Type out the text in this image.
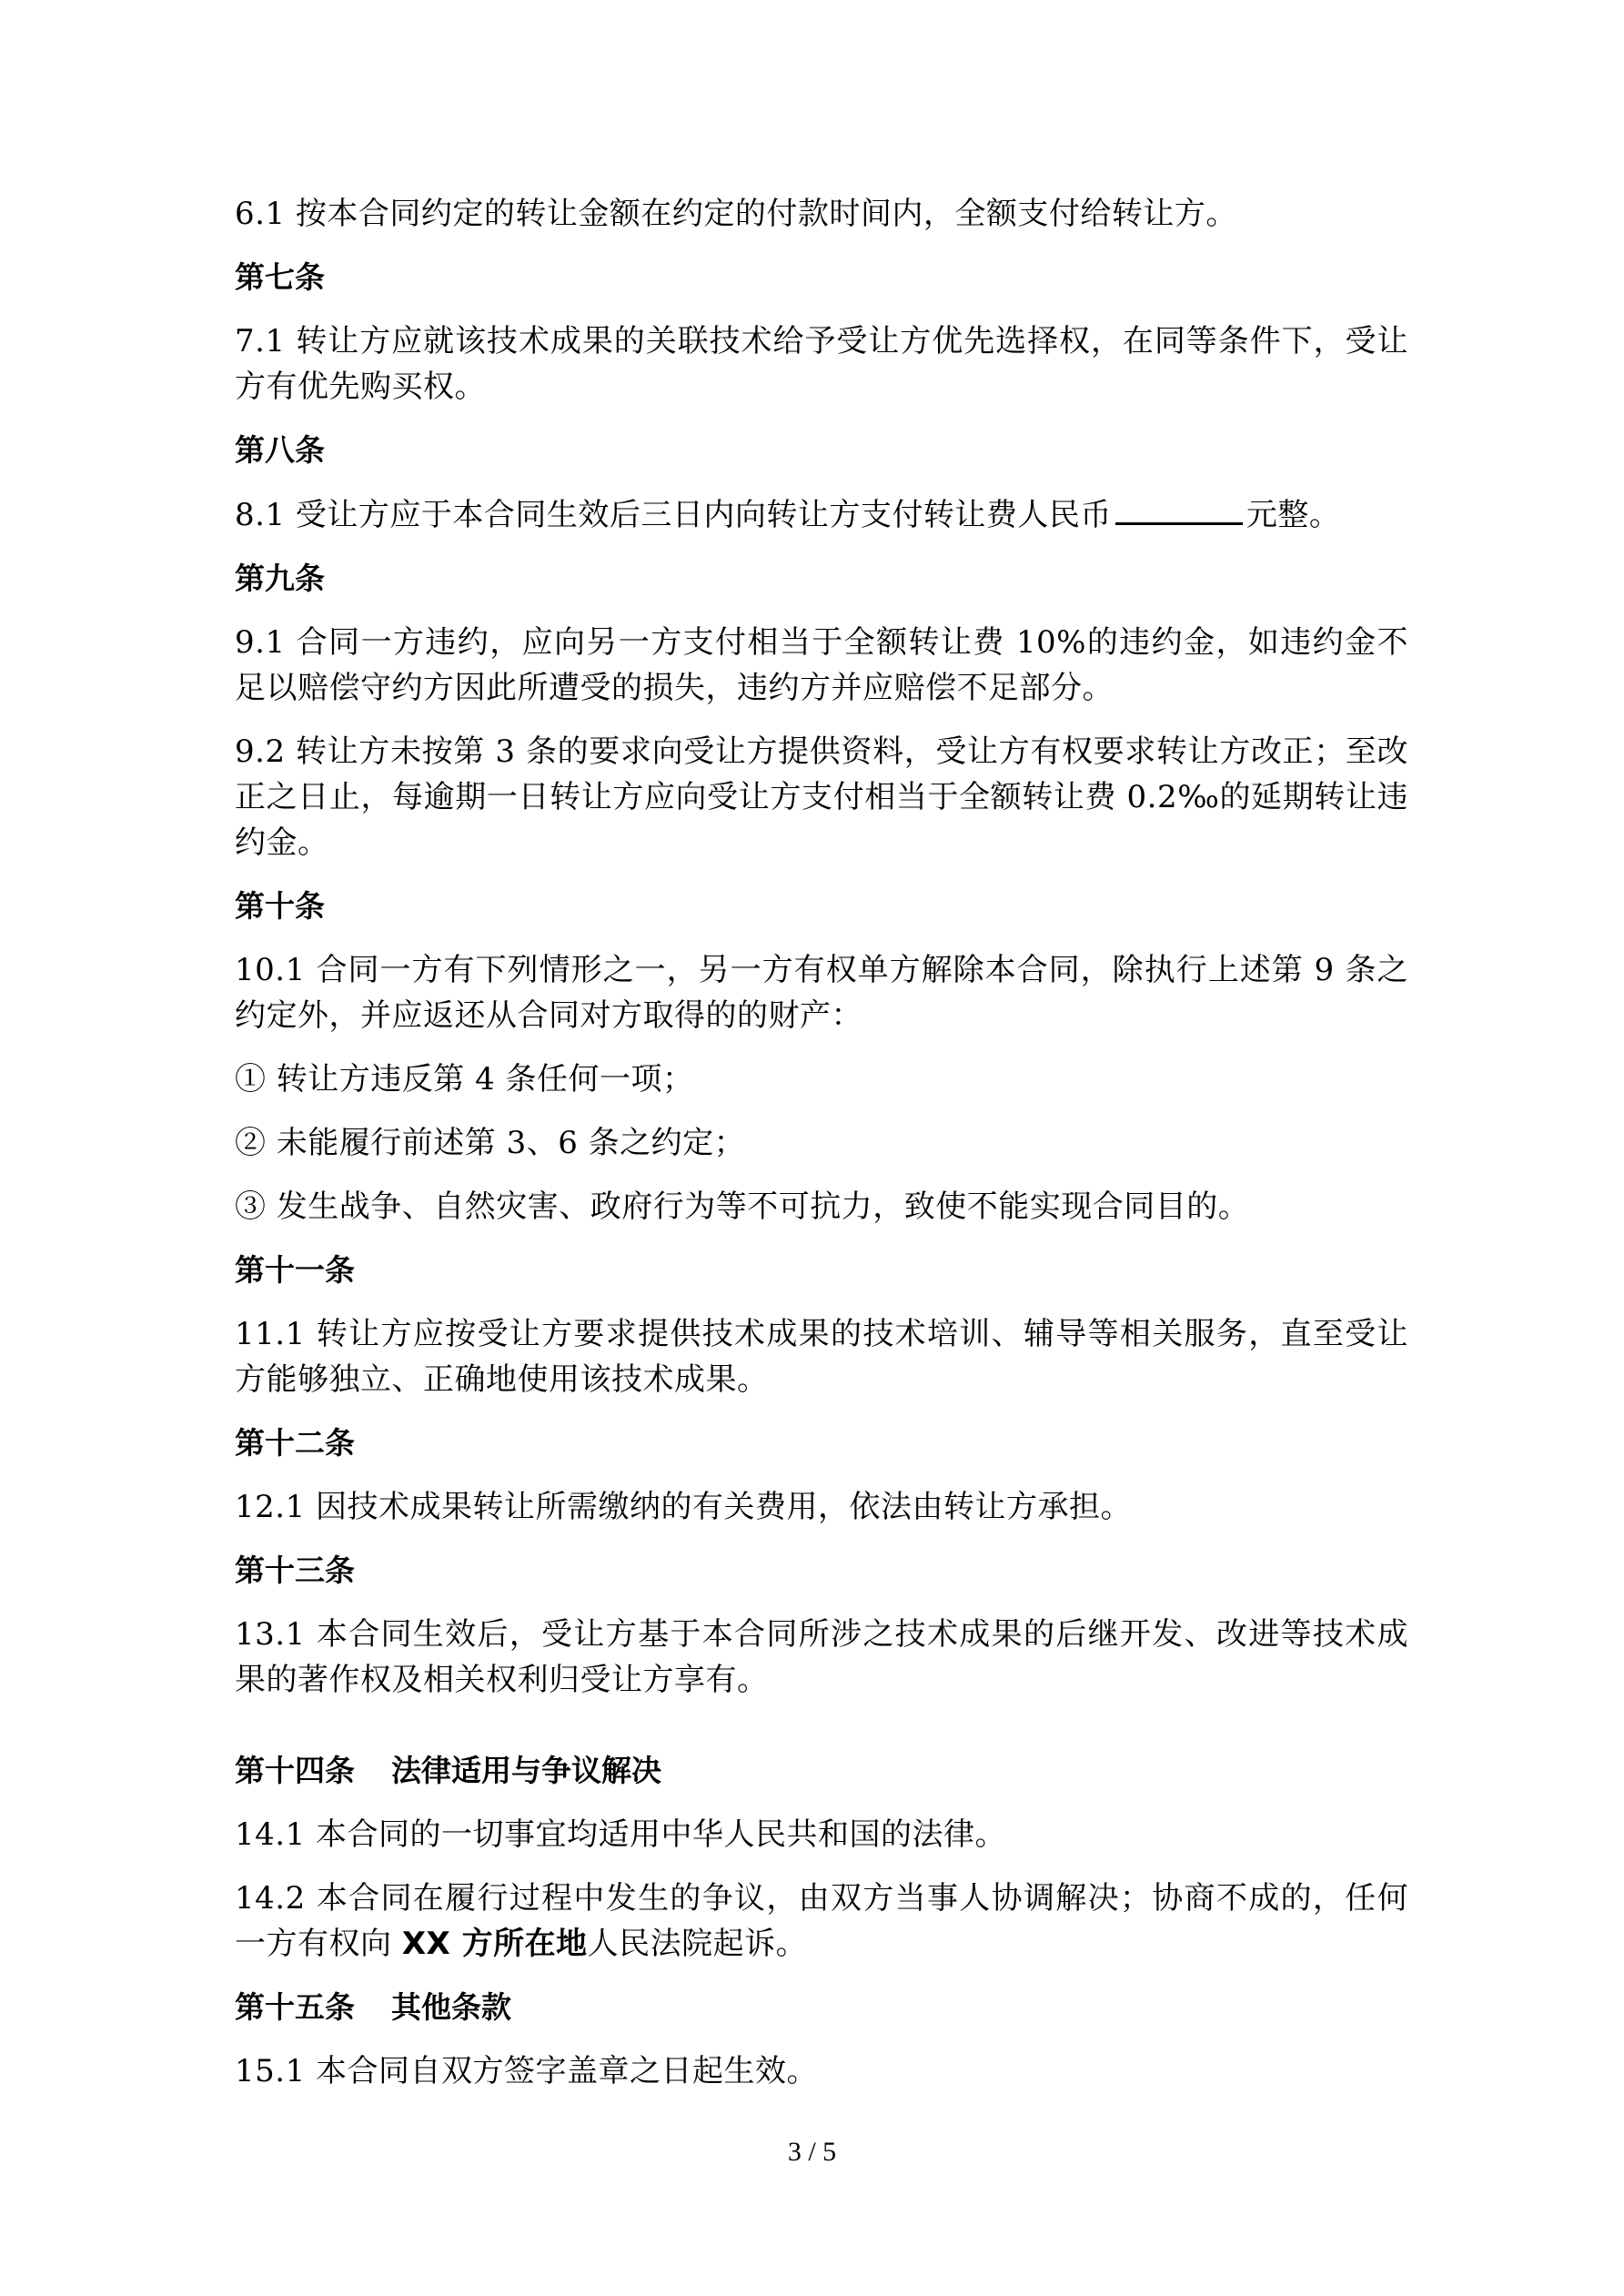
6.1 按本合同约定的转让金额在约定的付款时间内，全额支付给转让方。

第七条

7.1 转让方应就该技术成果的关联技术给予受让方优先选择权，在同等条件下，受让方有优先购买权。

第八条

8.1 受让方应于本合同生效后三日内向转让方支付转让费人民币	元整。

第九条

9.1 合同一方违约，应向另一方支付相当于全额转让费 10%的违约金，如违约金不足以赔偿守约方因此所遭受的损失，违约方并应赔偿不足部分。

9.2 转让方未按第 3 条的要求向受让方提供资料，受让方有权要求转让方改正；至改正之日止，每逾期一日转让方应向受让方支付相当于全额转让费 0.2‰的延期转让违约金。

第十条

10.1 合同一方有下列情形之一，另一方有权单方解除本合同，除执行上述第 9 条之约定外，并应返还从合同对方取得的的财产：

① 转让方违反第 4 条任何一项；

② 未能履行前述第 3、6 条之约定；

③ 发生战争、自然灾害、政府行为等不可抗力，致使不能实现合同目的。

第十一条

11.1 转让方应按受让方要求提供技术成果的技术培训、辅导等相关服务，直至受让方能够独立、正确地使用该技术成果。

第十二条

12.1 因技术成果转让所需缴纳的有关费用，依法由转让方承担。

第十三条

13.1 本合同生效后，受让方基于本合同所涉之技术成果的后继开发、改进等技术成果的著作权及相关权利归受让方享有。

第十四条 法律适用与争议解决

14.1 本合同的一切事宜均适用中华人民共和国的法律。

14.2 本合同在履行过程中发生的争议，由双方当事人协调解决；协商不成的，任何一方有权向 XX 方所在地人民法院起诉。

第十五条 其他条款

15.1 本合同自双方签字盖章之日起生效。

3 / 5
